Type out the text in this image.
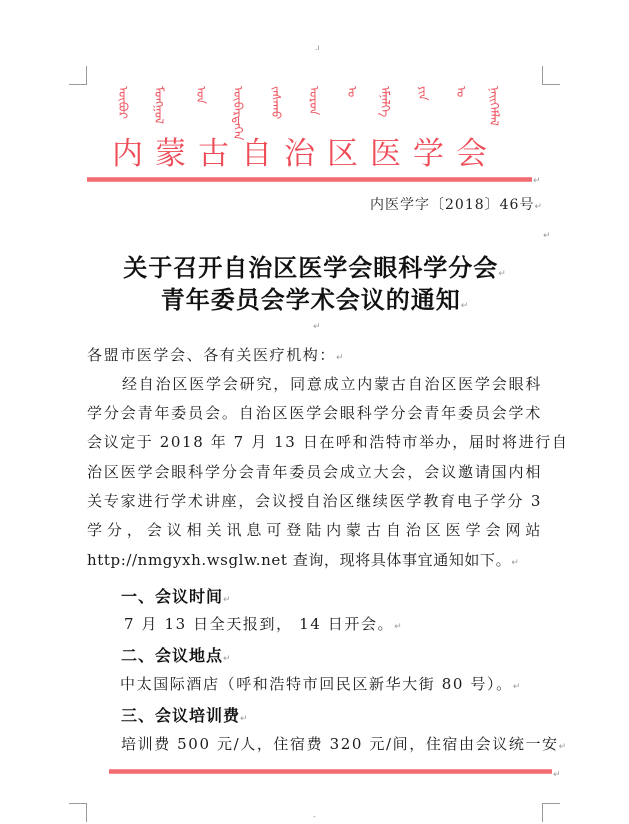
.ı
˺
ᠥᠪᠥᠷ ᠮᠣᠩᠭᠣᠯ ᠤᠨ ᠥᠪᠡᠷᠲᠡᠭᠡᠨ ᠵᠠᠰᠠᠬᠤ ᠣᠷᠣᠨ ᠤ ᠡᠮᠨᠡᠯᠭᠡ ᠶᠢᠨ ᠤ ᠨᠡᠢᠭᠡᠮᠯᠡᠯ
内蒙古自治区医学会
↵
内医学字〔2018〕46号↵
↵
关于召开自治区医学会眼科学分会↵
青年委员会学术会议的通知↵
↵
各盟市医学会、各有关医疗机构：↵
经自治区医学会研究，同意成立内蒙古自治区医学会眼科
学分会青年委员会。自治区医学会眼科学分会青年委员会学术
会议定于 2018 年 7 月 13 日在呼和浩特市举办，届时将进行自
治区医学会眼科学分会青年委员会成立大会，会议邀请国内相
关专家进行学术讲座，会议授自治区继续医学教育电子学分 3
学分，会议相关讯息可登陆内蒙古自治区医学会网站
http://nmgyxh.wsglw.net 查询，现将具体事宜通知如下。↵
一、会议时间↵
7 月 13 日全天报到， 14 日开会。↵
二、会议地点↵
中太国际酒店（呼和浩特市回民区新华大街 80 号）。↵
三、会议培训费↵
培训费 500 元/人，住宿费 320 元/间，住宿由会议统一安↵
↵
